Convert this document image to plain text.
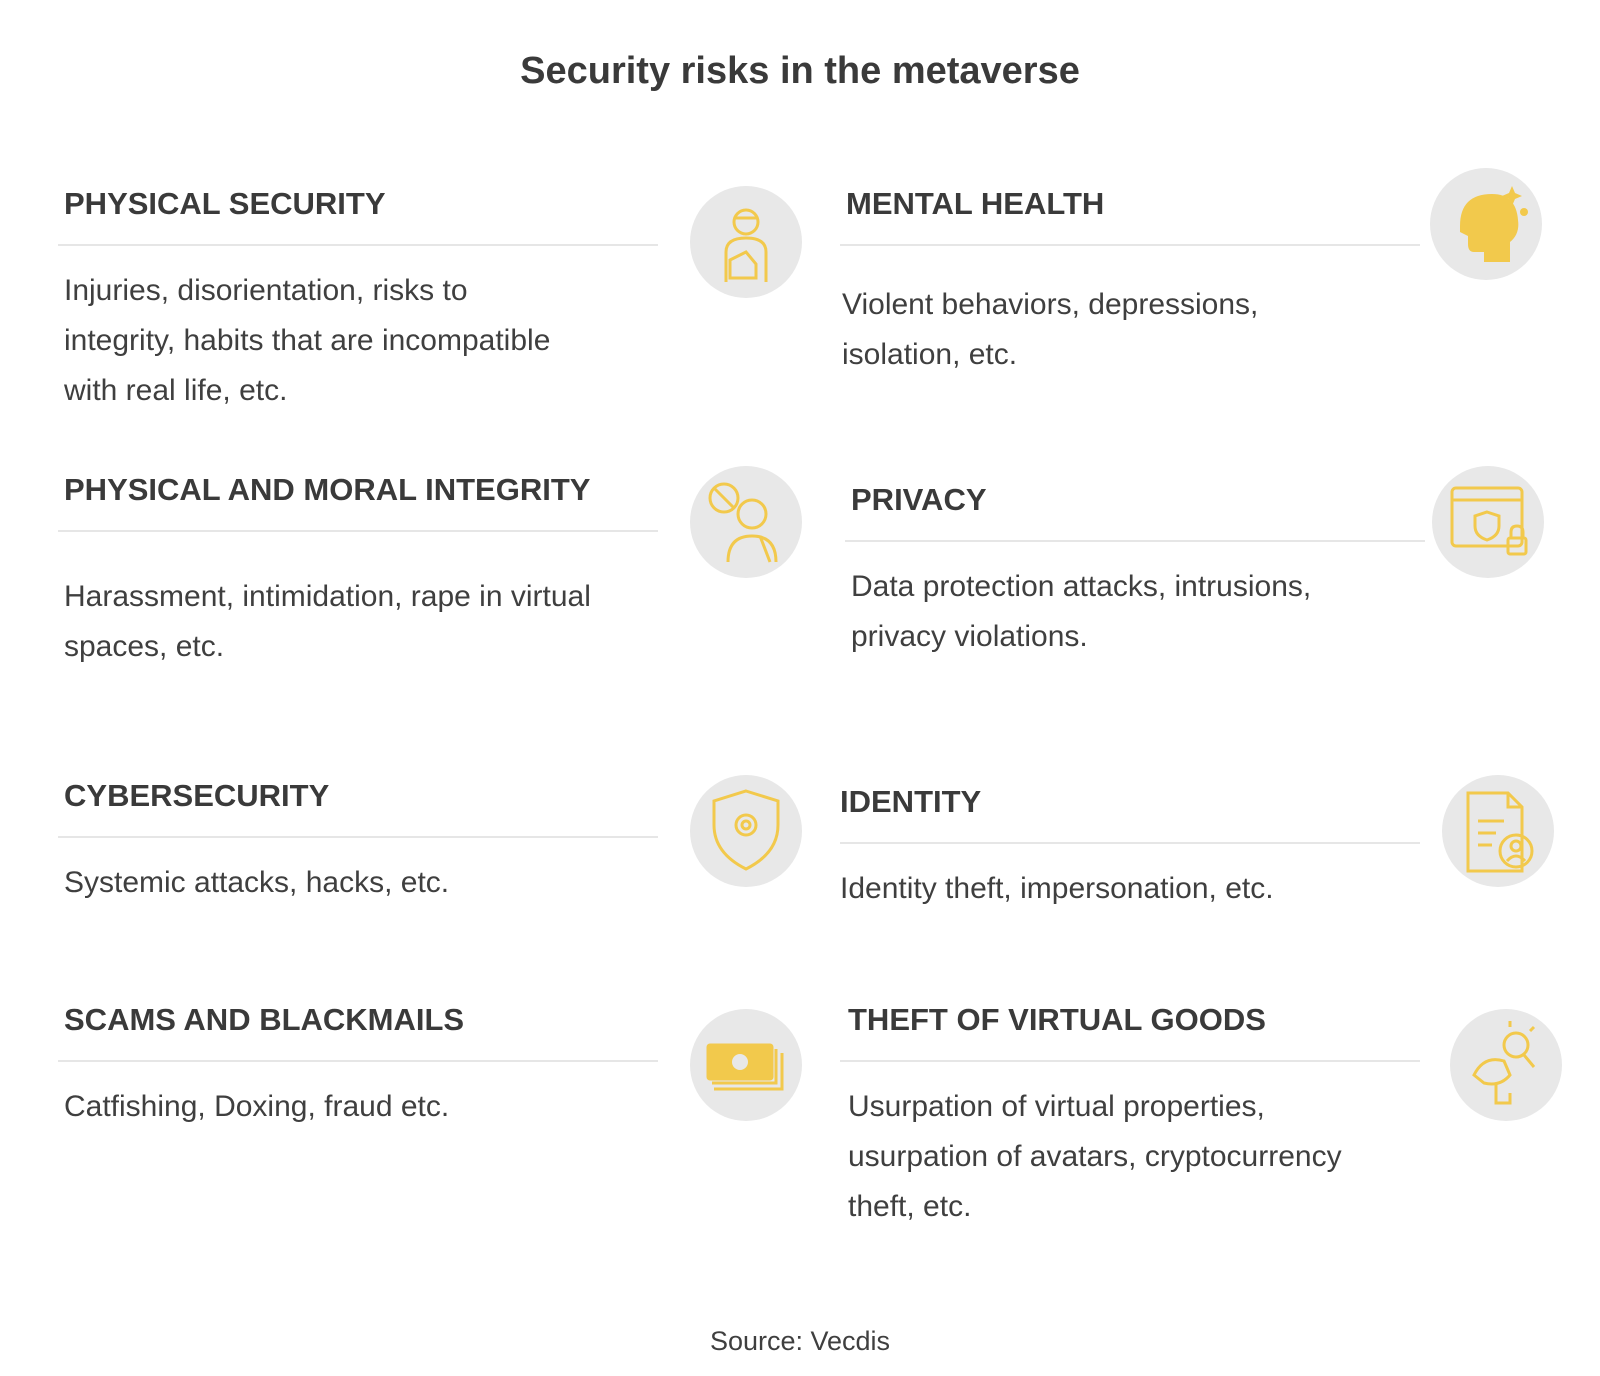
Security risks in the metaverse
PHYSICAL SECURITY
Injuries, disorientation, risks to integrity, habits that are incompatible with real life, etc.
MENTAL HEALTH
Violent behaviors, depressions, isolation, etc.
PHYSICAL AND MORAL INTEGRITY
Harassment, intimidation, rape in virtual spaces, etc.
PRIVACY
Data protection attacks, intrusions, privacy violations.
CYBERSECURITY
Systemic attacks, hacks, etc.
IDENTITY
Identity theft, impersonation, etc.
SCAMS AND BLACKMAILS
Catfishing, Doxing, fraud etc.
THEFT OF VIRTUAL GOODS
Usurpation of virtual properties, usurpation of avatars, cryptocurrency theft, etc.
Source: Vecdis
